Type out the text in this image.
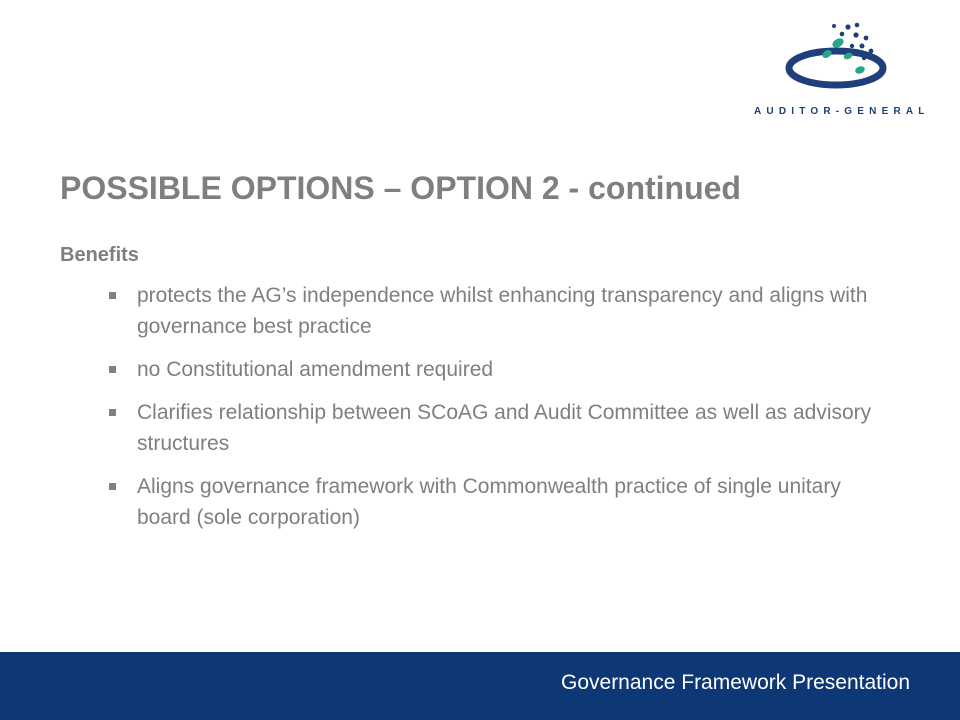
AUDITOR-GENERAL
POSSIBLE OPTIONS – OPTION 2 - continued
Benefits
protects the AG’s independence whilst enhancing transparency and aligns with governance best practice
no Constitutional amendment required
Clarifies relationship between SCoAG and Audit Committee as well as advisory structures
Aligns governance framework with Commonwealth practice of single unitary board (sole corporation)
Governance Framework Presentation
